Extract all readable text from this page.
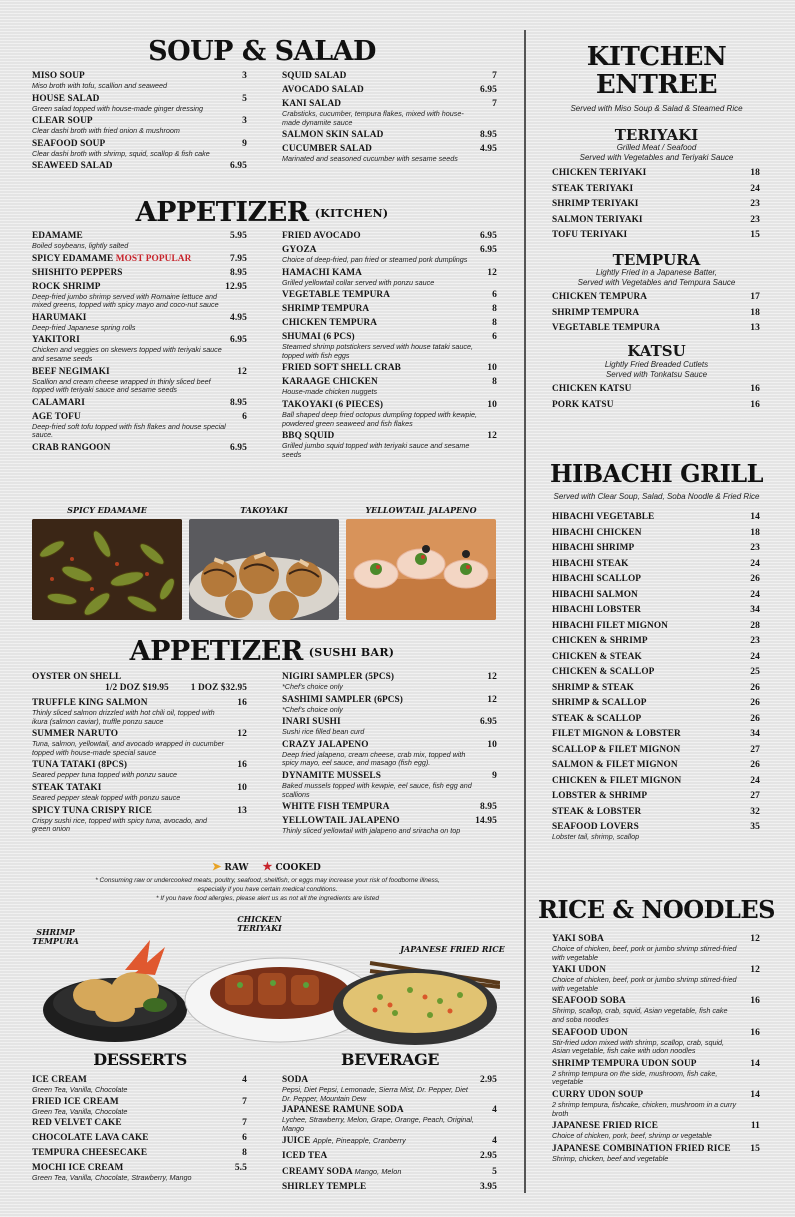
SOUP & SALAD
MISO SOUP	3
Miso broth with tofu, scallion and seaweed
HOUSE SALAD	5
Green salad topped with house-made ginger dressing
CLEAR SOUP	3
Clear dashi broth with fried onion & mushroom
SEAFOOD SOUP	9
Clear dashi broth with shrimp, squid, scallop & fish cake
SEAWEED SALAD	6.95
SQUID SALAD	7
AVOCADO SALAD	6.95
KANI SALAD	7
Crabsticks, cucumber, tempura flakes, mixed with house-made dynamite sauce
SALMON SKIN SALAD	8.95
CUCUMBER SALAD	4.95
Marinated and seasoned cucumber with sesame seeds
APPETIZER (KITCHEN)
EDAMAME	5.95
Boiled soybeans, lightly salted
SPICY EDAMAME MOST POPULAR	7.95
SHISHITO PEPPERS	8.95
ROCK SHRIMP	12.95
Deep-fried jumbo shrimp served with Romaine lettuce and mixed greens, topped with spicy mayo and coco-nut sauce
HARUMAKI	4.95
Deep-fried Japanese spring rolls
YAKITORI	6.95
Chicken and veggies on skewers topped with teriyaki sauce and sesame seeds
BEEF NEGIMAKI	12
Scallion and cream cheese wrapped in thinly sliced beef topped with teriyaki sauce and sesame seeds
CALAMARI	8.95
AGE TOFU	6
Deep-fried soft tofu topped with fish flakes and house special sauce.
CRAB RANGOON	6.95
FRIED AVOCADO	6.95
GYOZA	6.95
Choice of deep-fried, pan fried or steamed pork dumplings
HAMACHI KAMA	12
Grilled yellowtail collar served with ponzu sauce
VEGETABLE TEMPURA	6
SHRIMP TEMPURA	8
CHICKEN TEMPURA	8
SHUMAI (6 PCS)	6
Steamed shrimp potstickers served with house tataki sauce, topped with fish eggs
FRIED SOFT SHELL CRAB	10
KARAAGE CHICKEN	8
House-made chicken nuggets
TAKOYAKI (6 PIECES)	10
Ball shaped deep fried octopus dumpling topped with kewpie, powdered green seaweed and fish flakes
BBQ SQUID	12
Grilled jumbo squid topped with teriyaki sauce and sesame seeds
SPICY EDAMAME	TAKOYAKI	YELLOWTAIL JALAPENO
APPETIZER (SUSHI BAR)
OYSTER ON SHELL
1/2 DOZ $19.95 1 DOZ $32.95
TRUFFLE KING SALMON	16
Thinly sliced salmon drizzled with hot chili oil, topped with ikura (salmon caviar), truffle ponzu sauce
SUMMER NARUTO	12
Tuna, salmon, yellowtail, and avocado wrapped in cucumber topped with house-made special sauce
TUNA TATAKI (8PCS)	16
Seared pepper tuna topped with ponzu sauce
STEAK TATAKI	10
Seared pepper steak topped with ponzu sauce
SPICY TUNA CRISPY RICE	13
Crispy sushi rice, topped with spicy tuna, avocado, and green onion
NIGIRI SAMPLER (5PCS)	12
*Chef's choice only
SASHIMI SAMPLER (6PCS)	12
*Chef's choice only
INARI SUSHI	6.95
Sushi rice filled bean curd
CRAZY JALAPENO	10
Deep fried jalapeno, cream cheese, crab mix, topped with spicy mayo, eel sauce, and masago (fish egg).
DYNAMITE MUSSELS	9
Baked mussels topped with kewpie, eel sauce, fish egg and scallions
WHITE FISH TEMPURA	8.95
YELLOWTAIL JALAPENO	14.95
Thinly sliced yellowtail with jalapeno and sriracha on top
➤ RAW ★ COOKED
* Consuming raw or undercooked meats, poultry, seafood, shellfish, or eggs may increase your risk of foodborne illness,
especially if you have certain medical conditions.
* If you have food allergies, please alert us as not all the ingredients are listed
SHRIMP TEMPURA
CHICKEN TERIYAKI
JAPANESE FRIED RICE
DESSERTS
ICE CREAM	4
Green Tea, Vanilla, Chocolate
FRIED ICE CREAM	7
Green Tea, Vanilla, Chocolate
RED VELVET CAKE	7
CHOCOLATE LAVA CAKE	6
TEMPURA CHEESECAKE	8
MOCHI ICE CREAM	5.5
Green Tea, Vanilla, Chocolate, Strawberry, Mango
BEVERAGE
SODA	2.95
Pepsi, Diet Pepsi, Lemonade, Sierra Mist, Dr. Pepper, Diet Dr. Pepper, Mountain Dew
JAPANESE RAMUNE SODA	4
Lychee, Strawberry, Melon, Grape, Orange, Peach, Original, Mango
JUICE Apple, Pineapple, Cranberry	4
ICED TEA	2.95
CREAMY SODA Mango, Melon	5
SHIRLEY TEMPLE	3.95
KITCHEN
ENTREE
Served with Miso Soup & Salad & Steamed Rice
TERIYAKI
Grilled Meat / Seafood
Served with Vegetables and Teriyaki Sauce
CHICKEN TERIYAKI	18
STEAK TERIYAKI	24
SHRIMP TERIYAKI	23
SALMON TERIYAKI	23
TOFU TERIYAKI	15
TEMPURA
Lightly Fried in a Japanese Batter,
Served with Vegetables and Tempura Sauce
CHICKEN TEMPURA	17
SHRIMP TEMPURA	18
VEGETABLE TEMPURA	13
KATSU
Lightly Fried Breaded Cutlets
Served with Tonkatsu Sauce
CHICKEN KATSU	16
PORK KATSU	16
HIBACHI GRILL
Served with Clear Soup, Salad, Soba Noodle & Fried Rice
HIBACHI VEGETABLE	14
HIBACHI CHICKEN	18
HIBACHI SHRIMP	23
HIBACHI STEAK	24
HIBACHI SCALLOP	26
HIBACHI SALMON	24
HIBACHI LOBSTER	34
HIBACHI FILET MIGNON	28
CHICKEN & SHRIMP	23
CHICKEN & STEAK	24
CHICKEN & SCALLOP	25
SHRIMP & STEAK	26
SHRIMP & SCALLOP	26
STEAK & SCALLOP	26
FILET MIGNON & LOBSTER	34
SCALLOP & FILET MIGNON	27
SALMON & FILET MIGNON	26
CHICKEN & FILET MIGNON	24
LOBSTER & SHRIMP	27
STEAK & LOBSTER	32
SEAFOOD LOVERS	35
Lobster tail, shrimp, scallop
RICE & NOODLES
YAKI SOBA	12
Choice of chicken, beef, pork or jumbo shrimp stirred-fried with vegetable
YAKI UDON	12
Choice of chicken, beef, pork or jumbo shrimp stirred-fried with vegetable
SEAFOOD SOBA	16
Shrimp, scallop, crab, squid, Asian vegetable, fish cake and soba noodles
SEAFOOD UDON	16
Stir-fried udon mixed with shrimp, scallop, crab, squid, Asian vegetable, fish cake with udon noodles
SHRIMP TEMPURA UDON SOUP	14
2 shrimp tempura on the side, mushroom, fish cake, vegetable
CURRY UDON SOUP	14
2 shrimp tempura, fishcake, chicken, mushroom in a curry broth
JAPANESE FRIED RICE	11
Choice of chicken, pork, beef, shrimp or vegetable
JAPANESE COMBINATION FRIED RICE	15
Shrimp, chicken, beef and vegetable
